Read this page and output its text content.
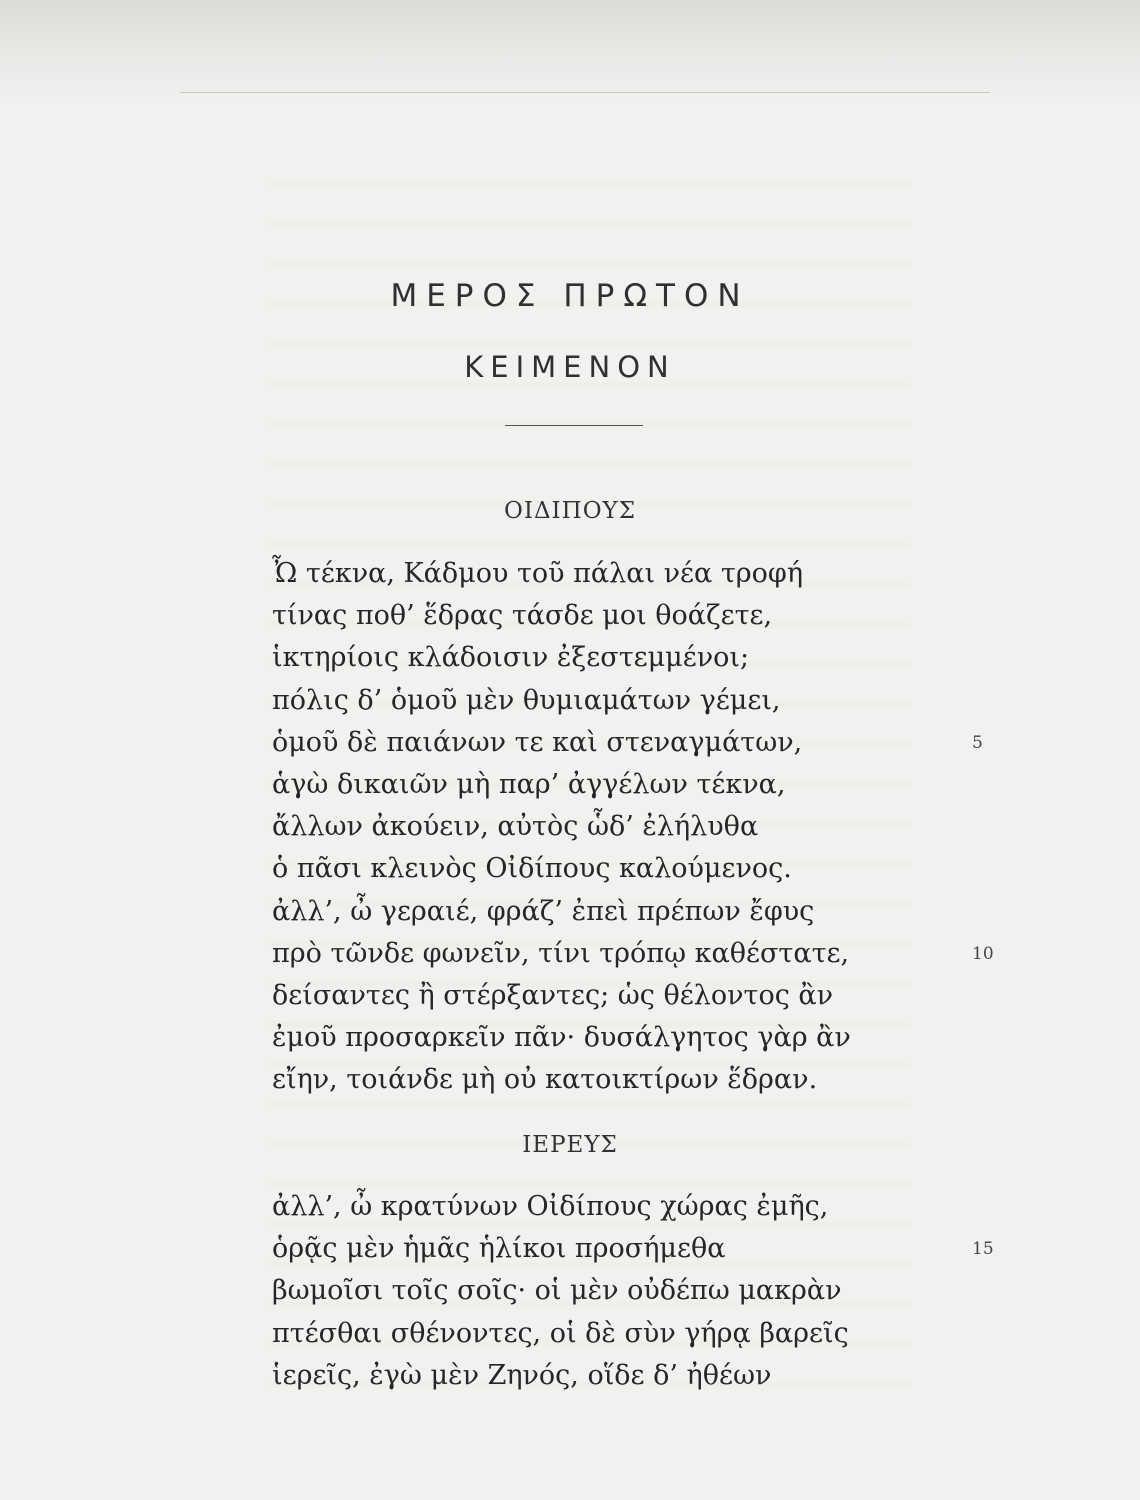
ΜΕΡΟΣ ΠΡΩΤΟΝ
ΚΕΙΜΕΝΟΝ
ΟΙΔΙΠΟΥΣ
Ὦ τέκνα, Κάδμου τοῦ πάλαι νέα τροφή
τίνας ποθ’ ἕδρας τάσδε μοι θοάζετε,
ἱκτηρίοις κλάδοισιν ἐξεστεμμένοι;
πόλις δ’ ὁμοῦ μὲν θυμιαμάτων γέμει,
ὁμοῦ δὲ παιάνων τε καὶ στεναγμάτων,	5
ἁγὼ δικαιῶν μὴ παρ’ ἀγγέλων τέκνα,
ἄλλων ἀκούειν, αὐτὸς ὧδ’ ἐλήλυθα
ὁ πᾶσι κλεινὸς Οἰδίπους καλούμενος.
ἀλλ’, ὦ γεραιέ, φράζ’ ἐπεὶ πρέπων ἔφυς
πρὸ τῶνδε φωνεῖν, τίνι τρόπῳ καθέστατε,	10
δείσαντες ἢ στέρξαντες; ὡς θέλοντος ἂν
ἐμοῦ προσαρκεῖν πᾶν· δυσάλγητος γὰρ ἂν
εἴην, τοιάνδε μὴ οὐ κατοικτίρων ἕδραν.
ΙΕΡΕΥΣ
ἀλλ’, ὦ κρατύνων Οἰδίπους χώρας ἐμῆς,
ὁρᾷς μὲν ἡμᾶς ἡλίκοι προσήμεθα	15
βωμοῖσι τοῖς σοῖς· οἱ μὲν οὐδέπω μακρὰν
πτέσθαι σθένοντες, οἱ δὲ σὺν γήρᾳ βαρεῖς
ἱερεῖς, ἐγὼ μὲν Ζηνός, οἵδε δ’ ἠθέων
